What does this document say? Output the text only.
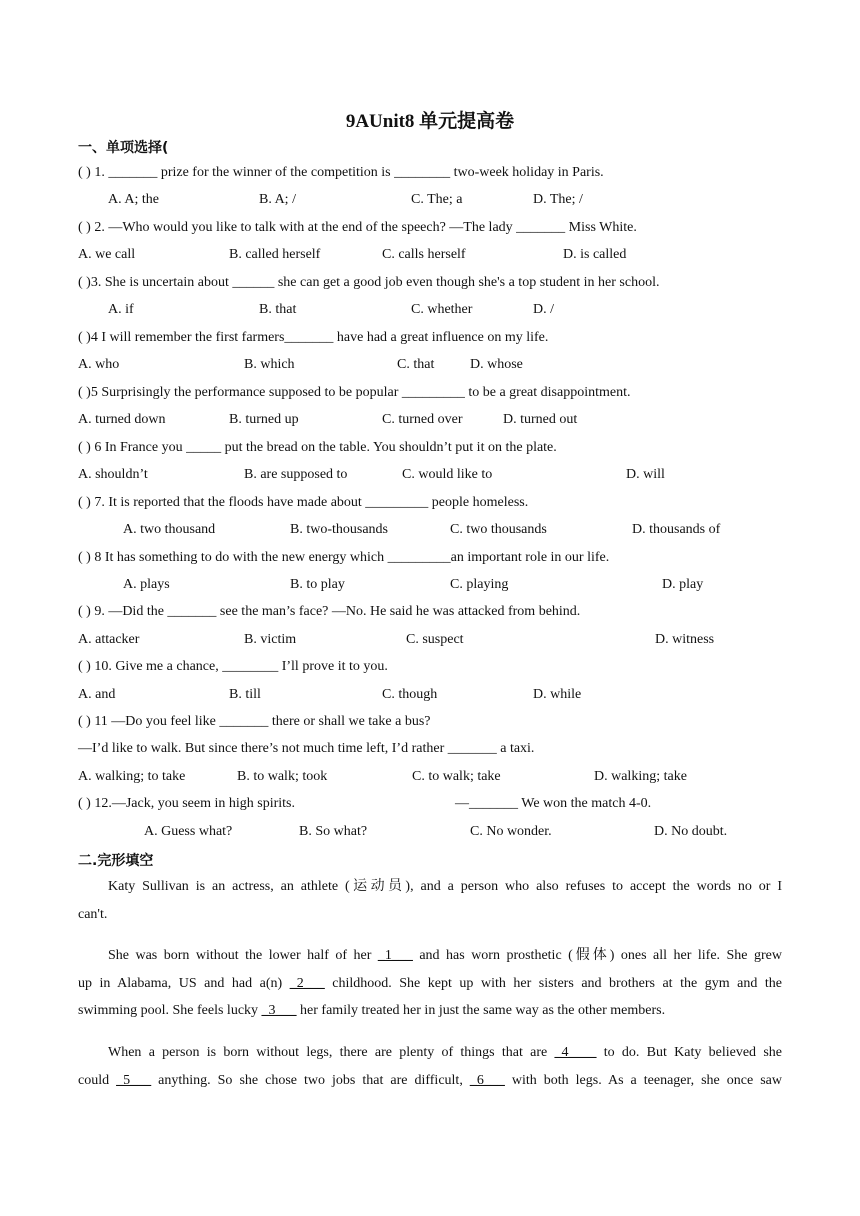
9AUnit8 单元提高卷
一、单项选择(
( ) 1. _______ prize for the winner of the competition is ________ two-week holiday in Paris.
A. A; the	B. A; /	C. The; a	D. The; /
( ) 2. —Who would you like to talk with at the end of the speech? —The lady _______ Miss White.
A. we call	B. called herself	C. calls herself	D. is called
( )3. She is uncertain about ______ she can get a good job even though she's a top student in her school.
A. if	B. that	C. whether	D. /
( )4 I will remember the first farmers_______ have had a great influence on my life.
A. who	B. which	C. that	D. whose
( )5 Surprisingly the performance supposed to be popular _________ to be a great disappointment.
A. turned down	B. turned up	C. turned over	D. turned out
( ) 6 In France you _____ put the bread on the table. You shouldn’t put it on the plate.
A. shouldn’t	B. are supposed to	C. would like to	D. will
( ) 7. It is reported that the floods have made about _________ people homeless.
A. two thousand	B. two-thousands	C. two thousands	D. thousands of
( ) 8 It has something to do with the new energy which _________an important role in our life.
A. plays	B. to play	C. playing	D. play
( ) 9. —Did the _______ see the man’s face? —No. He said he was attacked from behind.
A. attacker	B. victim	C. suspect	D. witness
( ) 10. Give me a chance, ________ I’ll prove it to you.
A. and	B. till	C. though	D. while
( ) 11 —Do you feel like _______ there or shall we take a bus?
—I’d like to walk. But since there’s not much time left, I’d rather _______ a taxi.
A. walking; to take	B. to walk; took	C. to walk; take	D. walking; take
( ) 12.—Jack, you seem in high spirits.	—_______ We won the match 4-0.
A. Guess what?	B. So what?	C. No wonder.	D. No doubt.
二.完形填空
Katy Sullivan is an actress, an athlete (运动员), and a person who also refuses to accept the words no or I
can't.
She was born without the lower half of her _1___ and has worn prosthetic (假体) ones all her life. She grew
up in Alabama, US and had a(n) _2___ childhood. She kept up with her sisters and brothers at the gym and the
swimming pool. She feels lucky _3___ her family treated her in just the same way as the other members.
When a person is born without legs, there are plenty of things that are _4____ to do. But Katy believed she
could _5___ anything. So she chose two jobs that are difficult, _6___ with both legs. As a teenager, she once saw
